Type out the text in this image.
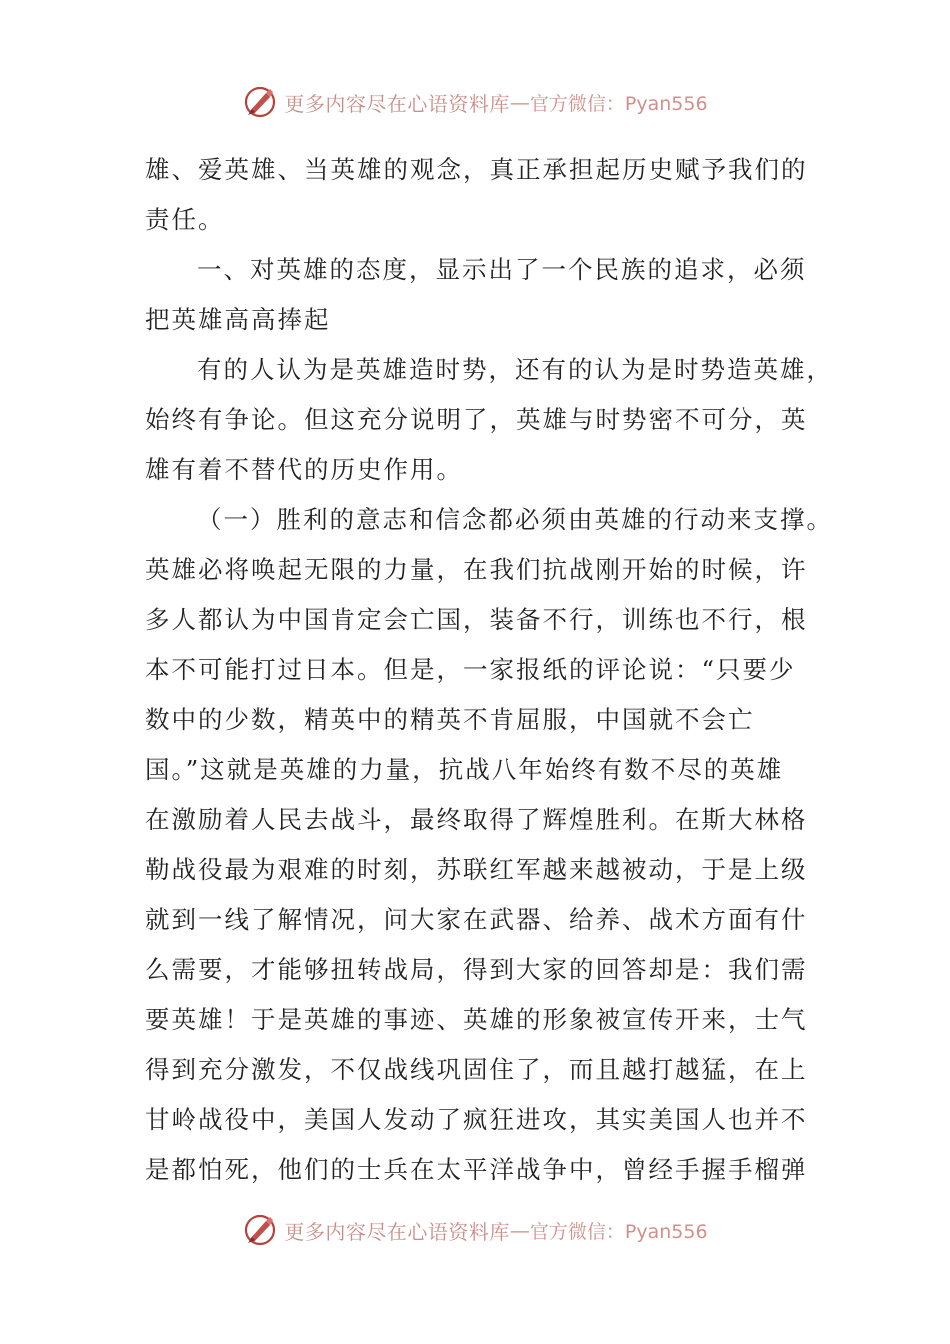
更多内容尽在心语资料库 — 官方微信：Pyan556
雄、爱英雄、当英雄的观念，真正承担起历史赋予我们的
责任。
一、对英雄的态度，显示出了一个民族的追求，必须
把英雄高高捧起
有的人认为是英雄造时势，还有的认为是时势造英雄，
始终有争论。但这充分说明了，英雄与时势密不可分，英
雄有着不替代的历史作用。
（一）胜利的意志和信念都必须由英雄的行动来支撑。
英雄必将唤起无限的力量，在我们抗战刚开始的时候，许
多人都认为中国肯定会亡国，装备不行，训练也不行，根
本不可能打过日本。但是，一家报纸的评论说：“只要少
数中的少数，精英中的精英不肯屈服，中国就不会亡
国。”这就是英雄的力量，抗战八年始终有数不尽的英雄
在激励着人民去战斗，最终取得了辉煌胜利。在斯大林格
勒战役最为艰难的时刻，苏联红军越来越被动，于是上级
就到一线了解情况，问大家在武器、给养、战术方面有什
么需要，才能够扭转战局，得到大家的回答却是：我们需
要英雄！于是英雄的事迹、英雄的形象被宣传开来，士气
得到充分激发，不仅战线巩固住了，而且越打越猛，在上
甘岭战役中，美国人发动了疯狂进攻，其实美国人也并不
是都怕死，他们的士兵在太平洋战争中，曾经手握手榴弹
更多内容尽在心语资料库 — 官方微信：Pyan556
